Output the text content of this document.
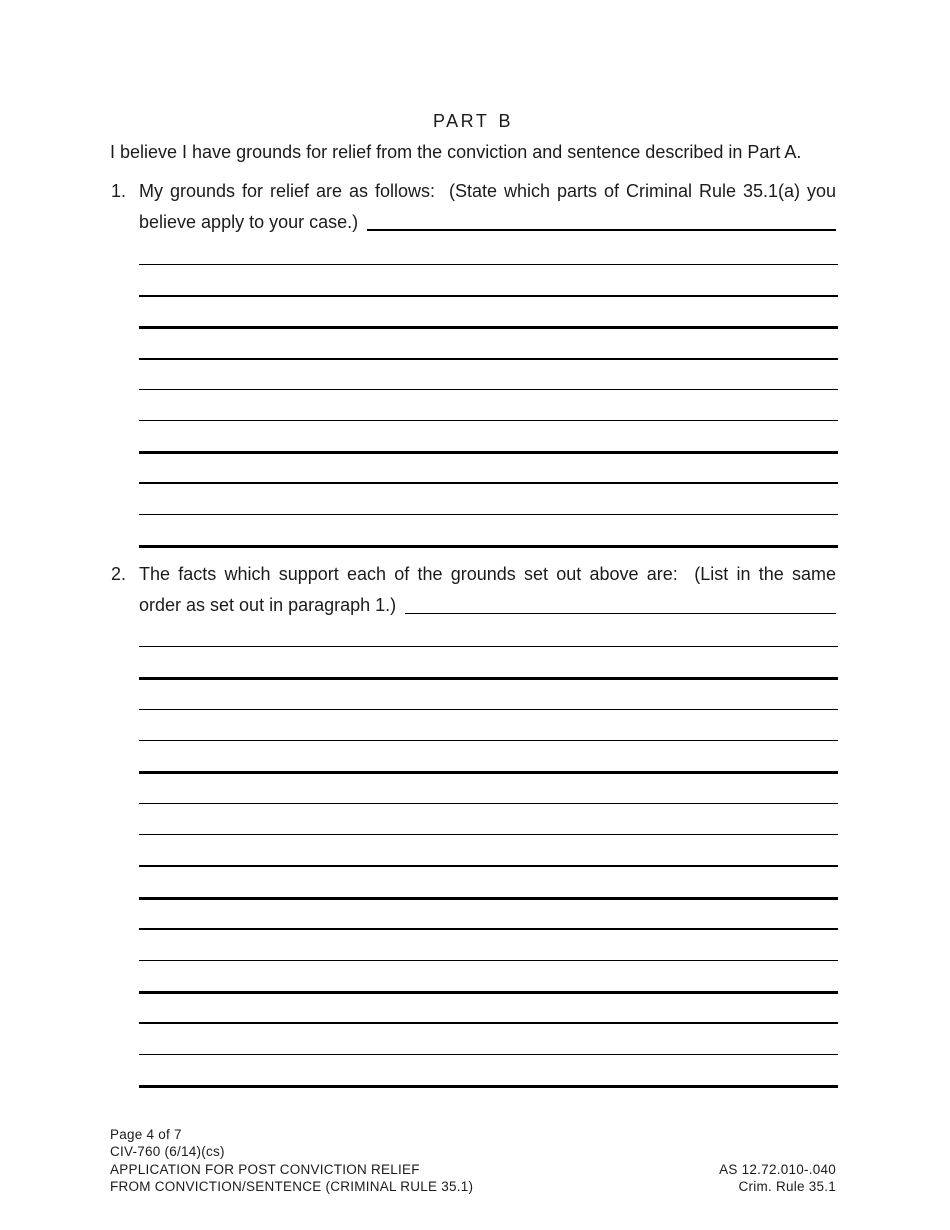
PART B
I believe I have grounds for relief from the conviction and sentence described in Part A.
1. My grounds for relief are as follows:  (State which parts of Criminal Rule 35.1(a) you
believe apply to your case.)
2. The facts which support each of the grounds set out above are:  (List in the same
order as set out in paragraph 1.)
Page 4 of 7
CIV-760 (6/14)(cs)
APPLICATION FOR POST CONVICTION RELIEF	AS 12.72.010-.040
FROM CONVICTION/SENTENCE (CRIMINAL RULE 35.1)	Crim. Rule 35.1
